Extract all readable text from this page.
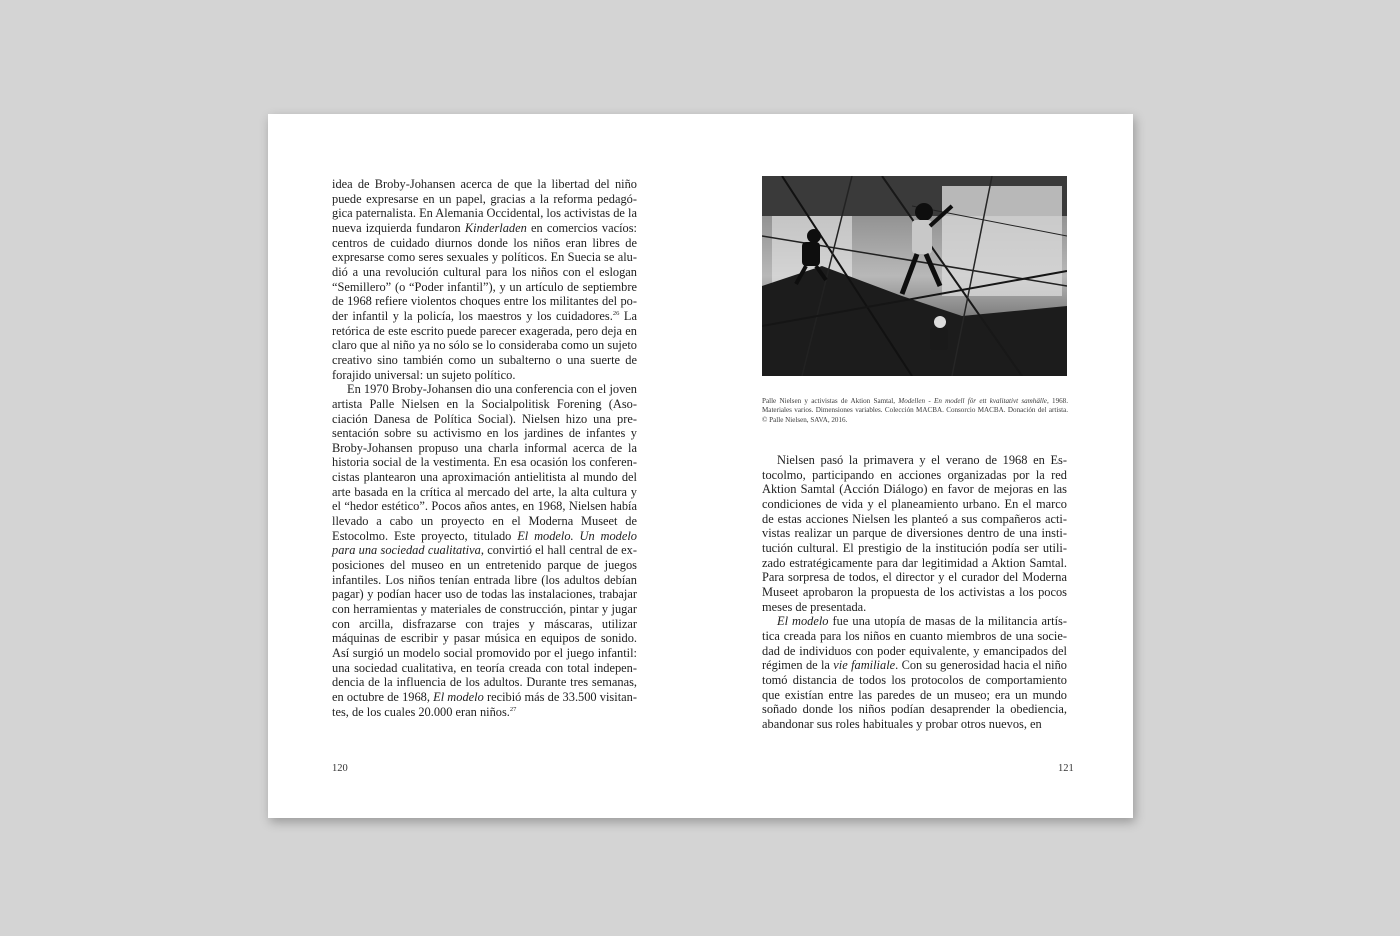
idea de Broby-Johansen acerca de que la libertad del niño puede expresarse en un papel, gracias a la reforma pedagógica paternalista. En Alemania Occidental, los activistas de la nueva izquierda fundaron Kinderladen en comercios vacíos: centros de cuidado diurnos donde los niños eran libres de expresarse como seres sexuales y políticos. En Suecia se aludió a una revolución cultural para los niños con el eslogan “Semillero” (o “Poder infantil”), y un artículo de septiembre de 1968 refiere violentos choques entre los militantes del poder infantil y la policía, los maestros y los cuidadores.$^{26}$ La retórica de este escrito puede parecer exagerada, pero deja en claro que al niño ya no sólo se lo consideraba como un sujeto creativo sino también como un subalterno o una suerte de forajido universal: un sujeto político.

En 1970 Broby-Johansen dio una conferencia con el joven artista Palle Nielsen en la Socialpolitisk Forening (Asociación Danesa de Política Social). Nielsen hizo una presentación sobre su activismo en los jardines de infantes y Broby-Johansen propuso una charla informal acerca de la historia social de la vestimenta. En esa ocasión los conferencistas plantearon una aproximación antielitista al mundo del arte basada en la crítica al mercado del arte, la alta cultura y el “hedor estético”. Pocos años antes, en 1968, Nielsen había llevado a cabo un proyecto en el Moderna Museet de Estocolmo. Este proyecto, titulado El modelo. Un modelo para una sociedad cualitativa, convirtió el hall central de exposiciones del museo en un entretenido parque de juegos infantiles. Los niños tenían entrada libre (los adultos debían pagar) y podían hacer uso de todas las instalaciones, trabajar con herramientas y materiales de construcción, pintar y jugar con arcilla, disfrazarse con trajes y máscaras, utilizar máquinas de escribir y pasar música en equipos de sonido. Así surgió un modelo social promovido por el juego infantil: una sociedad cualitativa, en teoría creada con total independencia de la influencia de los adultos. Durante tres semanas, en octubre de 1968, El modelo recibió más de 33.500 visitantes, de los cuales 20.000 eran niños.$^{27}$

Palle Nielsen y activistas de Aktion Samtal, Modellen - En modell för ett kvalitativt samhälle, 1968. Materiales varios. Dimensiones variables. Colección MACBA. Consorcio MACBA. Donación del artista. © Palle Nielsen, SAVA, 2016.

Nielsen pasó la primavera y el verano de 1968 en Estocolmo, participando en acciones organizadas por la red Aktion Samtal (Acción Diálogo) en favor de mejoras en las condiciones de vida y el planeamiento urbano. En el marco de estas acciones Nielsen les planteó a sus compañeros activistas realizar un parque de diversiones dentro de una institución cultural. El prestigio de la institución podía ser utilizado estratégicamente para dar legitimidad a Aktion Samtal. Para sorpresa de todos, el director y el curador del Moderna Museet aprobaron la propuesta de los activistas a los pocos meses de presentada.

El modelo fue una utopía de masas de la militancia artística creada para los niños en cuanto miembros de una sociedad de individuos con poder equivalente, y emancipados del régimen de la vie familiale. Con su generosidad hacia el niño tomó distancia de todos los protocolos de comportamiento que existían entre las paredes de un museo; era un mundo soñado donde los niños podían desaprender la obediencia, abandonar sus roles habituales y probar otros nuevos, en

120	121
